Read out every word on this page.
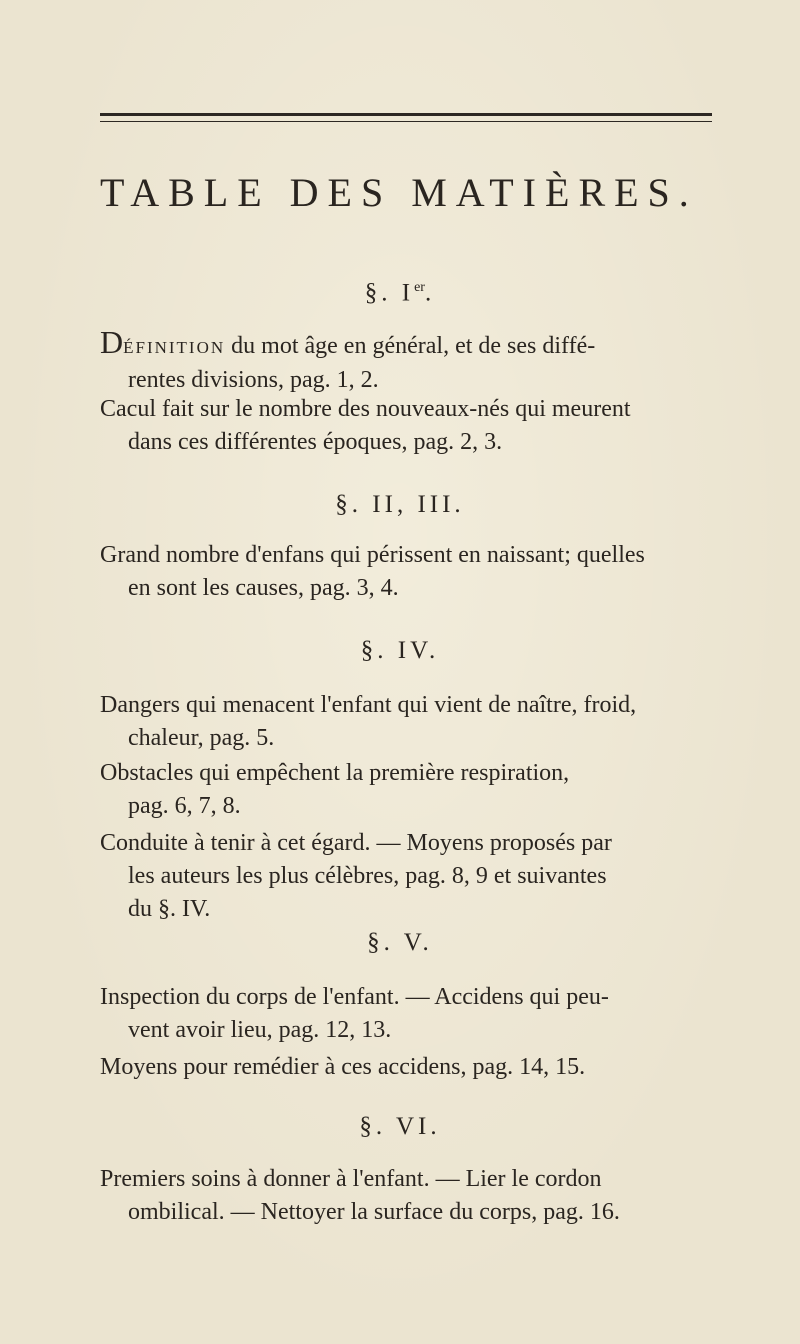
TABLE DES MATIÈRES.
§. Ier.
DÉFINITION du mot âge en général, et de ses diffé-
rentes divisions, pag. 1, 2.
Cacul fait sur le nombre des nouveaux-nés qui meurent
dans ces différentes époques, pag. 2, 3.
§. II, III.
Grand nombre d'enfans qui périssent en naissant; quelles
en sont les causes, pag. 3, 4.
§. IV.
Dangers qui menacent l'enfant qui vient de naître, froid,
chaleur, pag. 5.
Obstacles qui empêchent la première respiration,
pag. 6, 7, 8.
Conduite à tenir à cet égard. — Moyens proposés par
les auteurs les plus célèbres, pag. 8, 9 et suivantes
du §. IV.
§. V.
Inspection du corps de l'enfant. — Accidens qui peu-
vent avoir lieu, pag. 12, 13.
Moyens pour remédier à ces accidens, pag. 14, 15.
§. VI.
Premiers soins à donner à l'enfant. — Lier le cordon
ombilical. — Nettoyer la surface du corps, pag. 16.
